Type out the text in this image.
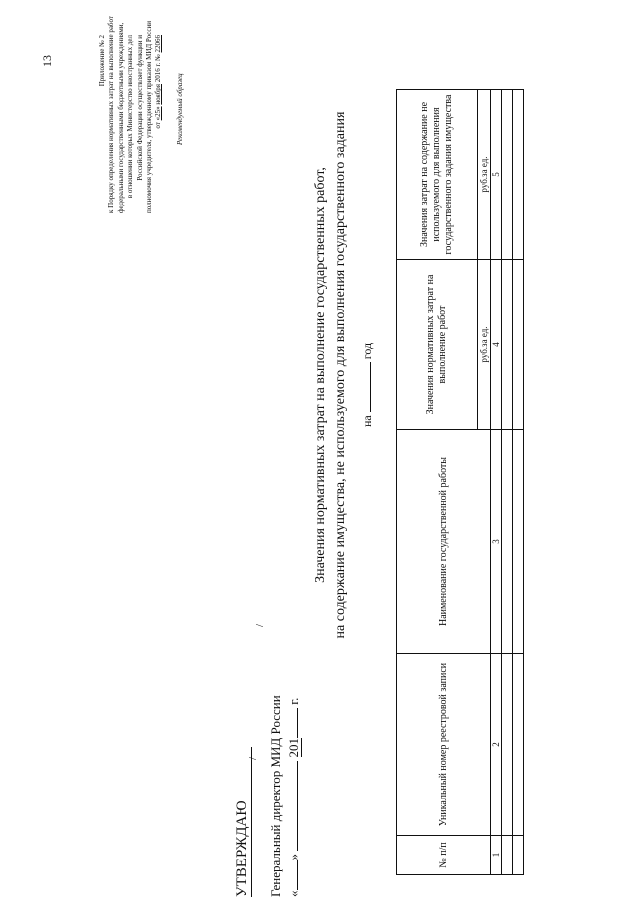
13	Приложение № 2 к Порядку определения нормативных затрат на выполнение работ федеральными государственными бюджетными учреждениями, в отношении которых Министерство иностранных дел Российской Федерации осуществляет функции и полномочия учредителя, утвержденному приказом МИД России от «25» ноября 2016 г. № 22066
Рекомендуемый образец
Значения нормативных затрат на выполнение государственных работ, на содержание имущества, не используемого для выполнения государственного задания нагод
УТВЕРЖДАЮ
/
/
Генеральный директор МИД России «»  201 г.
№ п/п	Уникальный номер реестровой записи	Наименование государственной работы	Значения нормативных затрат на выполнение работ	Значения затрат на содержание не используемого для выполнения государственного задания имущества
			руб.за ед.	руб.за ед.
1	2	3	4	5
